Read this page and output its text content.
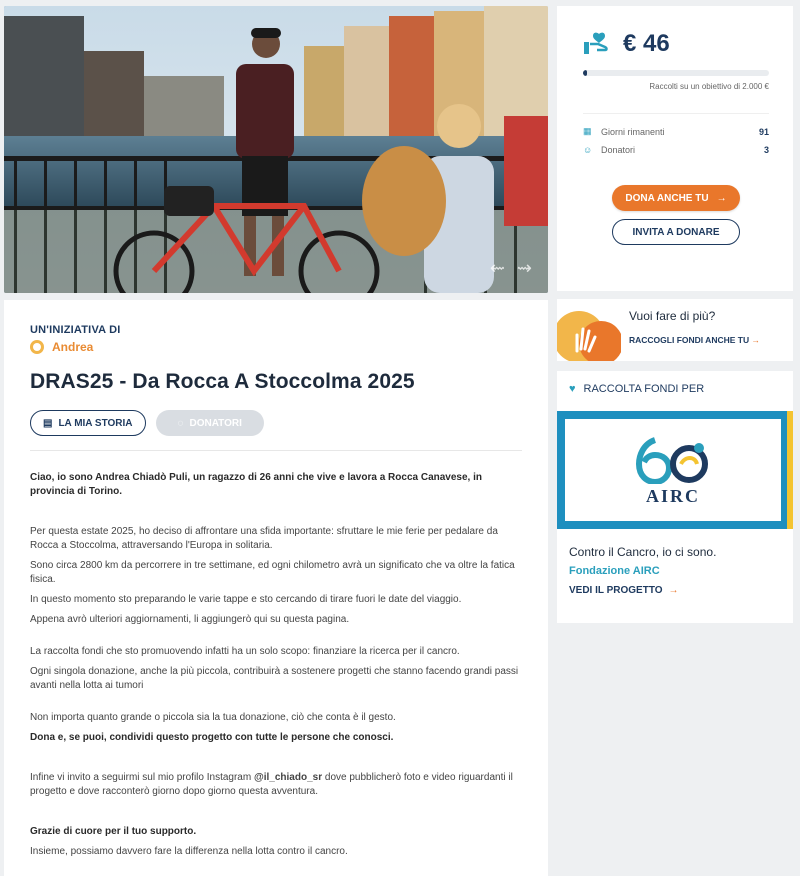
⇜ ⇝
UN'INIZIATIVA DI
Andrea
DRAS25 - Da Rocca A Stoccolma 2025
▤ LA MIA STORIA	◌ DONATORI

Ciao, io sono Andrea Chiadò Puli, un ragazzo di 26 anni che vive e lavora a Rocca Canavese, in provincia di Torino.

Per questa estate 2025, ho deciso di affrontare una sfida importante: sfruttare le mie ferie per pedalare da Rocca a Stoccolma, attraversando l'Europa in solitaria.

Sono circa 2800 km da percorrere in tre settimane, ed ogni chilometro avrà un significato che va oltre la fatica fisica.

In questo momento sto preparando le varie tappe e sto cercando di tirare fuori le date del viaggio.

Appena avrò ulteriori aggiornamenti, li aggiungerò qui su questa pagina.

La raccolta fondi che sto promuovendo infatti ha un solo scopo: finanziare la ricerca per il cancro.

Ogni singola donazione, anche la più piccola, contribuirà a sostenere progetti che stanno facendo grandi passi avanti nella lotta ai tumori

Non importa quanto grande o piccola sia la tua donazione, ciò che conta è il gesto.

Dona e, se puoi, condividi questo progetto con tutte le persone che conosci.

Infine vi invito a seguirmi sul mio profilo Instagram @il_chiado_sr dove pubblicherò foto e video riguardanti il progetto e dove racconterò giorno dopo giorno questa avventura.

Grazie di cuore per il tuo supporto.

Insieme, possiamo davvero fare la differenza nella lotta contro il cancro.

€ 46
Raccolti su un obiettivo di 2.000 €
▦	Giorni rimanenti	91
☺ Donatori	3
DONA ANCHE TU →
INVITA A DONARE
Vuoi fare di più?
RACCOGLI FONDI ANCHE TU →
♥ RACCOLTA FONDI PER
AIRC
Contro il Cancro, io ci sono.
Fondazione AIRC
VEDI IL PROGETTO →
